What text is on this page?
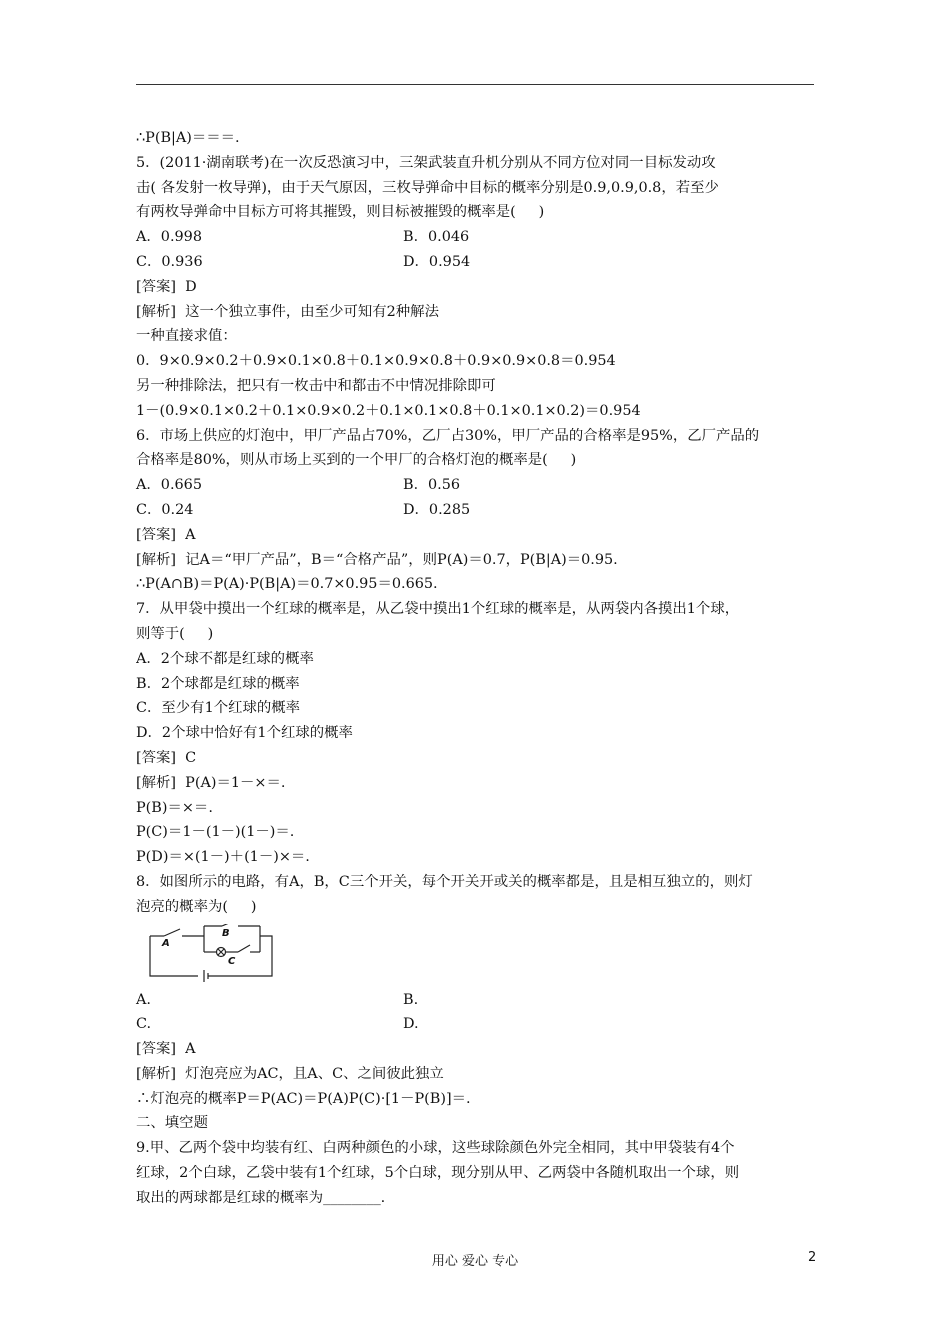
∴P(B|A)＝＝＝.
5．(2011·湖南联考)在一次反恐演习中，三架武装直升机分别从不同方位对同一目标发动攻
击( 各发射一枚导弹)，由于天气原因，三枚导弹命中目标的概率分别是0.9,0.9,0.8，若至少
有两枚导弹命中目标方可将其摧毁，则目标被摧毁的概率是(     )
A．0.998	B．0.046
C．0.936	D．0.954
[答案]  D
[解析]  这一个独立事件，由至少可知有2种解法
一种直接求值：
0．9×0.9×0.2＋0.9×0.1×0.8＋0.1×0.9×0.8＋0.9×0.9×0.8＝0.954
另一种排除法，把只有一枚击中和都击不中情况排除即可
1－(0.9×0.1×0.2＋0.1×0.9×0.2＋0.1×0.1×0.8＋0.1×0.1×0.2)＝0.954
6．市场上供应的灯泡中，甲厂产品占70%，乙厂占30%，甲厂产品的合格率是95%，乙厂产品的
合格率是80%，则从市场上买到的一个甲厂的合格灯泡的概率是(     )
A．0.665	B．0.56
C．0.24	D．0.285
[答案]  A
[解析]  记A＝“甲厂产品”，B＝“合格产品”，则P(A)＝0.7，P(B|A)＝0.95.
∴P(A∩B)＝P(A)·P(B|A)＝0.7×0.95＝0.665.
7．从甲袋中摸出一个红球的概率是，从乙袋中摸出1个红球的概率是，从两袋内各摸出1个球，
则等于(     )
A．2个球不都是红球的概率
B．2个球都是红球的概率
C．至少有1个红球的概率
D．2个球中恰好有1个红球的概率
[答案]  C
[解析]  P(A)＝1－×＝.
P(B)＝×＝.
P(C)＝1－(1－)(1－)＝.
P(D)＝×(1－)＋(1－)×＝.
8．如图所示的电路，有A，B，C三个开关，每个开关开或关的概率都是，且是相互独立的，则灯
泡亮的概率为(     )
A
B
C
A.	B.
C.	D.
[答案]  A
[解析]  灯泡亮应为AC，且A、C、之间彼此独立
∴灯泡亮的概率P＝P(AC)＝P(A)P(C)·[1－P(B)]＝.
二、填空题
9.甲、乙两个袋中均装有红、白两种颜色的小球，这些球除颜色外完全相同，其中甲袋装有4个
红球，2个白球，乙袋中装有1个红球，5个白球，现分别从甲、乙两袋中各随机取出一个球，则
取出的两球都是红球的概率为________.
用心 爱心 专心	2
